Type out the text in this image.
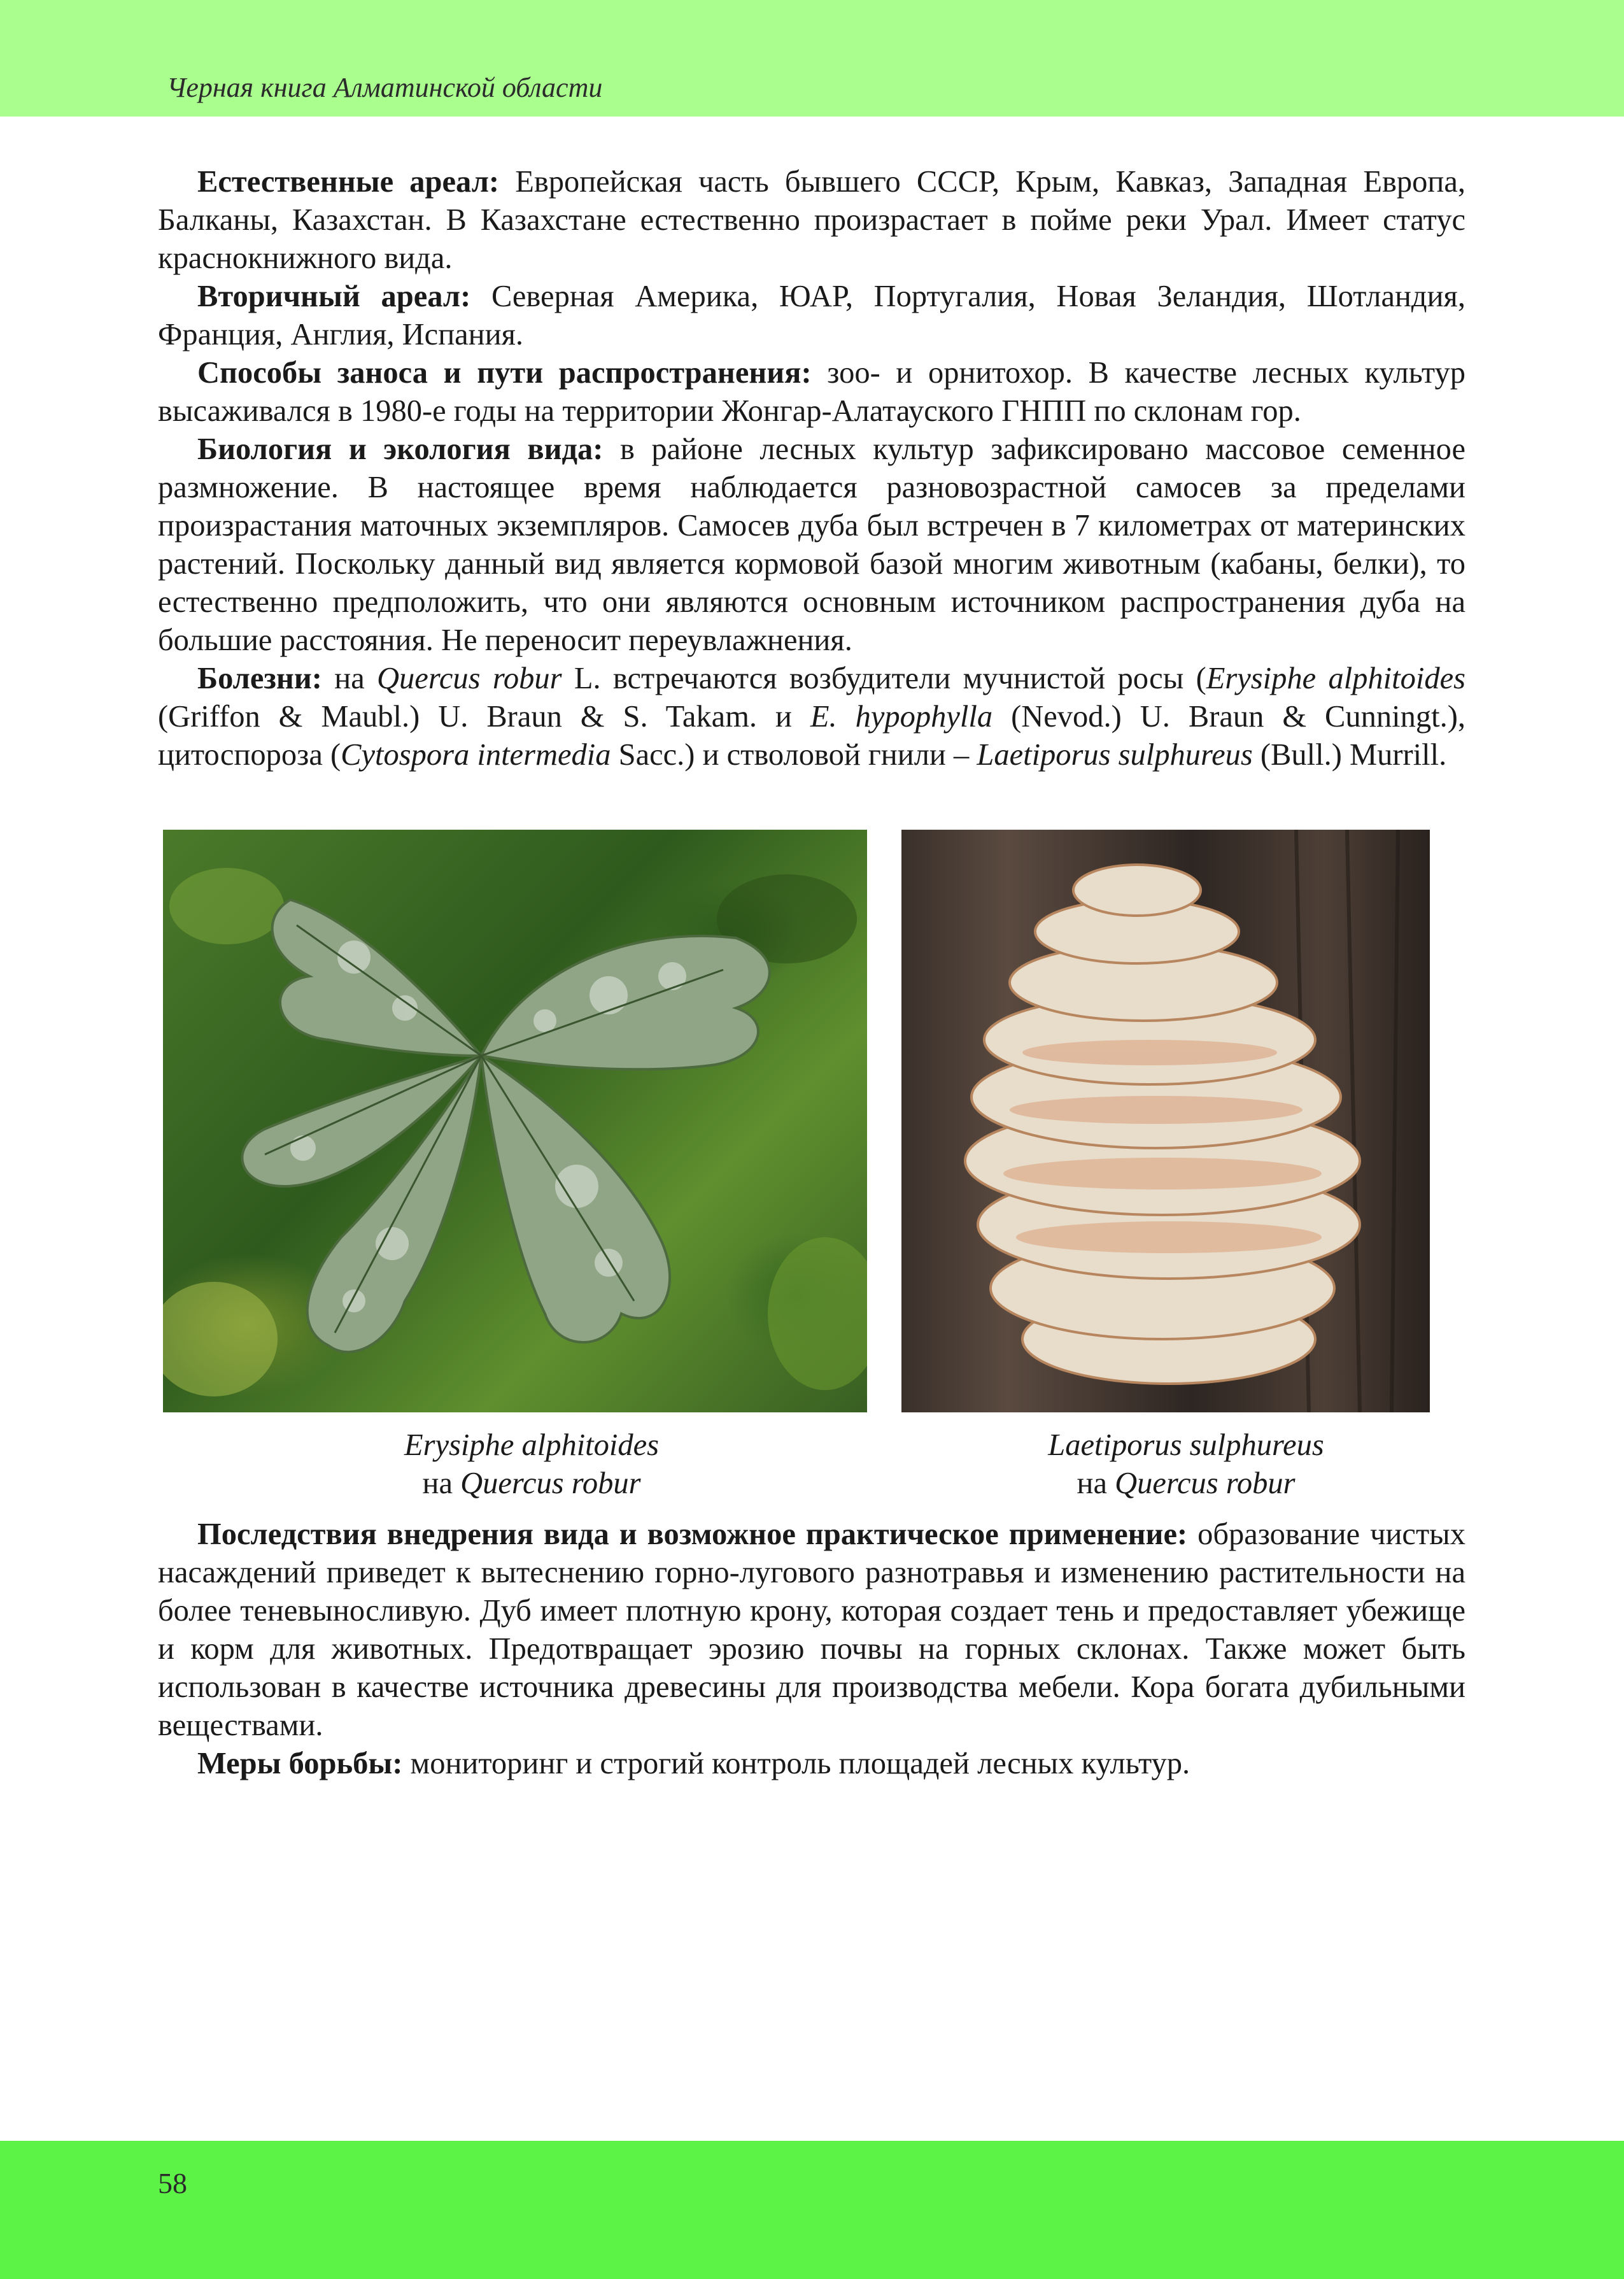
Черная книга Алматинской области

Естественные ареал: Европейская часть бывшего СССР, Крым, Кавказ, Западная Европа, Балканы, Казахстан. В Казахстане естественно произрастает в пойме реки Урал. Имеет статус краснокнижного вида.

Вторичный ареал: Северная Америка, ЮАР, Португалия, Новая Зеландия, Шотландия, Франция, Англия, Испания.

Способы заноса и пути распространения: зоо- и орнитохор. В качестве лесных культур высаживался в 1980-е годы на территории Жонгар-Алатауского ГНПП по склонам гор.

Биология и экология вида: в районе лесных культур зафиксировано массовое семенное размножение. В настоящее время наблюдается разновозрастной самосев за пределами произрастания маточных экземпляров. Самосев дуба был встречен в 7 километрах от материнских растений. Поскольку данный вид является кормовой базой многим животным (кабаны, белки), то естественно предположить, что они являются основным источником распространения дуба на большие расстояния. Не переносит переувлажнения.

Болезни: на Quercus robur L. встречаются возбудители мучнистой росы (Erysiphe alphitoides (Griffon & Maubl.) U. Braun & S. Takam. и E. hypophylla (Nevod.) U. Braun & Cunningt.), цитоспороза (Cytospora intermedia Sacc.) и стволовой гнили – Laetiporus sulphureus (Bull.) Murrill.

Erysiphe alphitoides
на Quercus robur
Laetiporus sulphureus
на Quercus robur

Последствия внедрения вида и возможное практическое применение: образование чистых насаждений приведет к вытеснению горно-лугового разнотравья и изменению растительности на более теневыносливую. Дуб имеет плотную крону, которая создает тень и предоставляет убежище и корм для животных. Предотвращает эрозию почвы на горных склонах. Также может быть использован в качестве источника древесины для производства мебели. Кора богата дубильными веществами.

Меры борьбы: мониторинг и строгий контроль площадей лесных культур.

58
